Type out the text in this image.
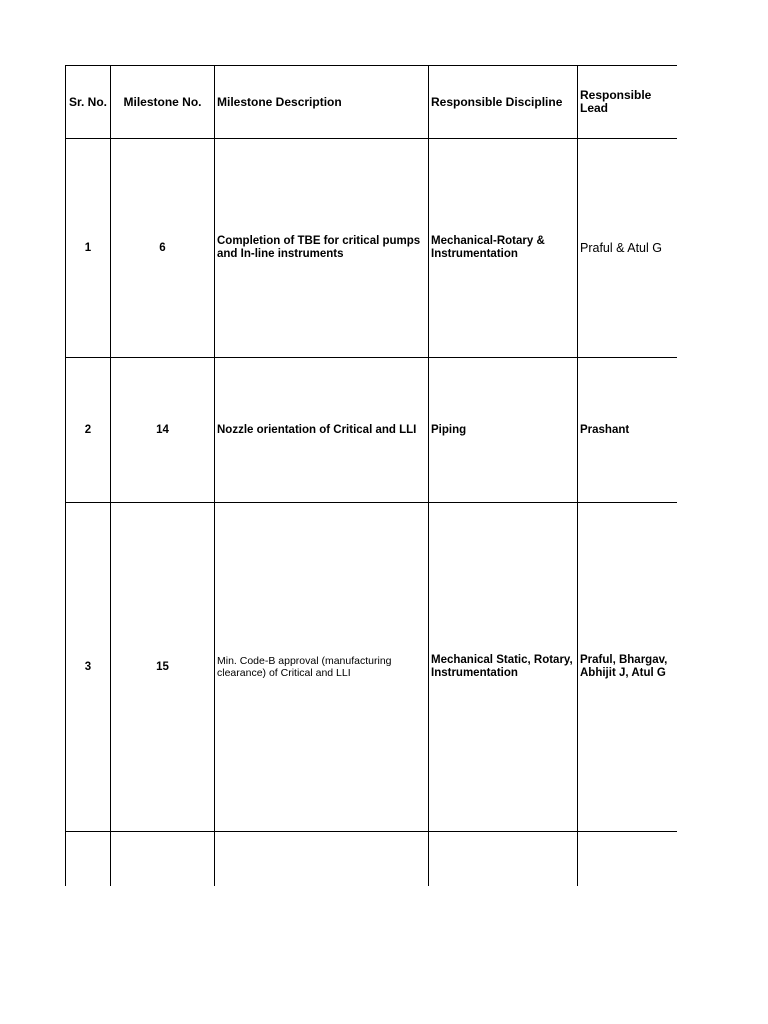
Sr. No.	Milestone No.	Milestone Description	Responsible Discipline	Responsible Lead
1	6	Completion of TBE for critical pumps and In-line instruments	Mechanical-Rotary & Instrumentation	Praful & Atul G
2	14	Nozzle orientation of Critical and LLI	Piping	Prashant
3	15	Min. Code-B approval (manufacturing clearance) of Critical and LLI	Mechanical Static, Rotary, Instrumentation	Praful, Bhargav, Abhijit J, Atul G
